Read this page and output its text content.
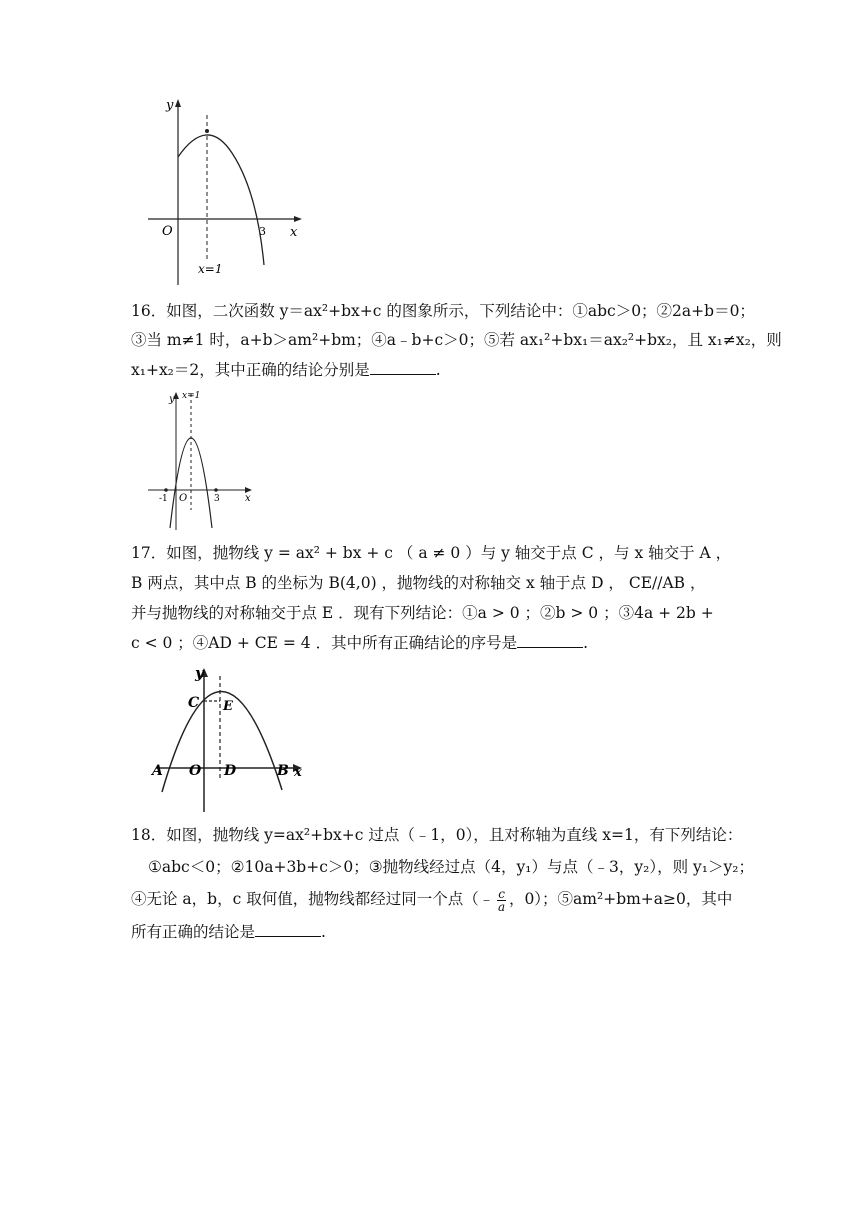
y
x
O	3
x=1
16．如图，二次函数 y＝ax²+bx+c 的图象所示，下列结论中：①abc＞0；②2a+b＝0；
③当 m≠1 时，a+b＞am²+bm；④a﹣b+c＞0；⑤若 ax₁²+bx₁＝ax₂²+bx₂，且 x₁≠x₂，则
x₁+x₂＝2，其中正确的结论分别是	.
y x=1
x
O
-1	3
17．如图，抛物线 y = ax² + bx + c （ a ≠ 0 ）与 y 轴交于点 C ，与 x 轴交于 A ，
B 两点，其中点 B 的坐标为 B(4,0) ，抛物线的对称轴交 x 轴于点 D ， CE//AB ，
并与抛物线的对称轴交于点 E ．现有下列结论：①a > 0 ；②b > 0 ；③4a + 2b +
c < 0 ；④AD + CE = 4 ．其中所有正确结论的序号是	.
y
x
C E
A O D	B
18．如图，抛物线 y=ax²+bx+c 过点（﹣1，0），且对称轴为直线 x=1，有下列结论：
①abc＜0；②10a+3b+c＞0；③抛物线经过点（4，y₁）与点（﹣3，y₂），则 y₁＞y₂；
④无论 a，b，c 取何值，抛物线都经过同一个点（﹣ $\frac{c}{a}$ ，0）；⑤am²+bm+a≥0，其中
所有正确的结论是	.
